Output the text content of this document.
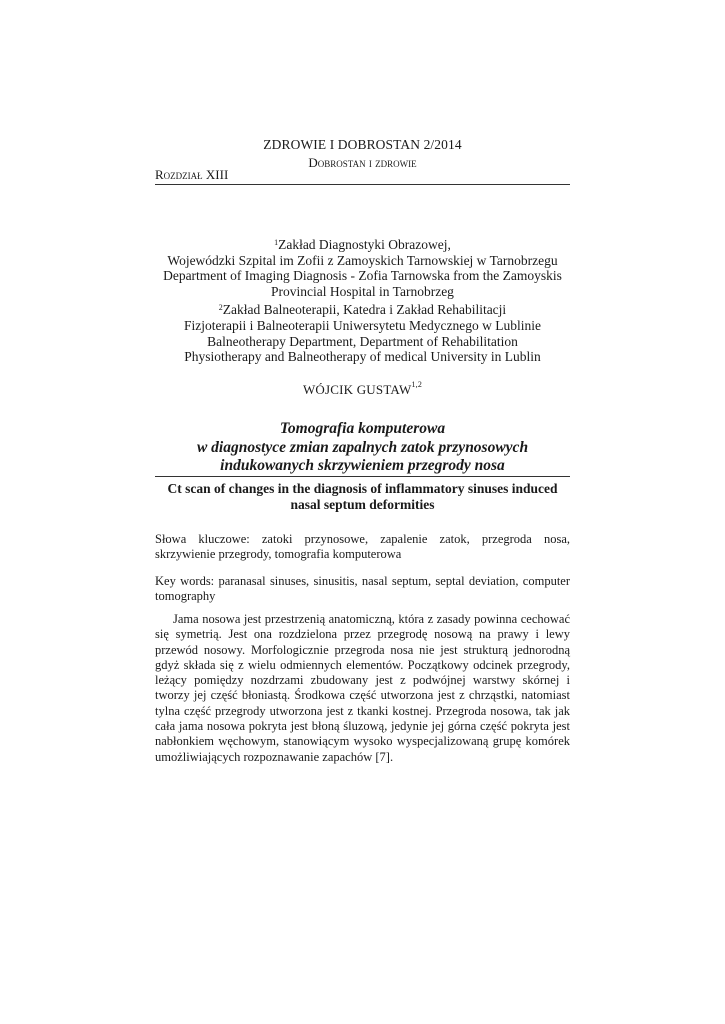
ZDROWIE I DOBROSTAN 2/2014
Dobrostan i zdrowie
Rozdział XIII

$^1$Zakład Diagnostyki Obrazowej,

Wojewódzki Szpital im Zofii z Zamoyskich Tarnowskiej w Tarnobrzegu

Department of Imaging Diagnosis - Zofia Tarnowska from the Zamoyskis

Provincial Hospital in Tarnobrzeg

$^2$Zakład Balneoterapii, Katedra i Zakład Rehabilitacji

Fizjoterapii i Balneoterapii Uniwersytetu Medycznego w Lublinie

Balneotherapy Department, Department of Rehabilitation

Physiotherapy and Balneotherapy of medical University in Lublin

WÓJCIK GUSTAW$^{1,2}$
Tomografia komputerowa
w diagnostyce zmian zapalnych zatok przynosowych
indukowanych skrzywieniem przegrody nosa
Ct scan of changes in the diagnosis of inflammatory sinuses induced
nasal septum deformities
Słowa kluczowe: zatoki przynosowe, zapalenie zatok, przegroda nosa, skrzywienie przegrody, tomografia komputerowa
Key words: paranasal sinuses, sinusitis, nasal septum, septal deviation, computer tomography
Jama nosowa jest przestrzenią anatomiczną, która z zasady powinna cechować się symetrią. Jest ona rozdzielona przez przegrodę nosową na prawy i lewy przewód nosowy. Morfologicznie przegroda nosa nie jest strukturą jednorodną gdyż składa się z wielu odmiennych elementów. Początkowy odcinek przegrody, leżący pomiędzy nozdrzami zbudowany jest z podwójnej warstwy skórnej i tworzy jej część błoniastą. Środkowa część utworzona jest z chrząstki, natomiast tylna część przegrody utworzona jest z tkanki kostnej. Przegroda nosowa, tak jak cała jama nosowa pokryta jest błoną śluzową, jedynie jej górna część pokryta jest nabłonkiem węchowym, stanowiącym wysoko wyspecjalizowaną grupę komórek umożliwiających rozpoznawanie zapachów [7].
